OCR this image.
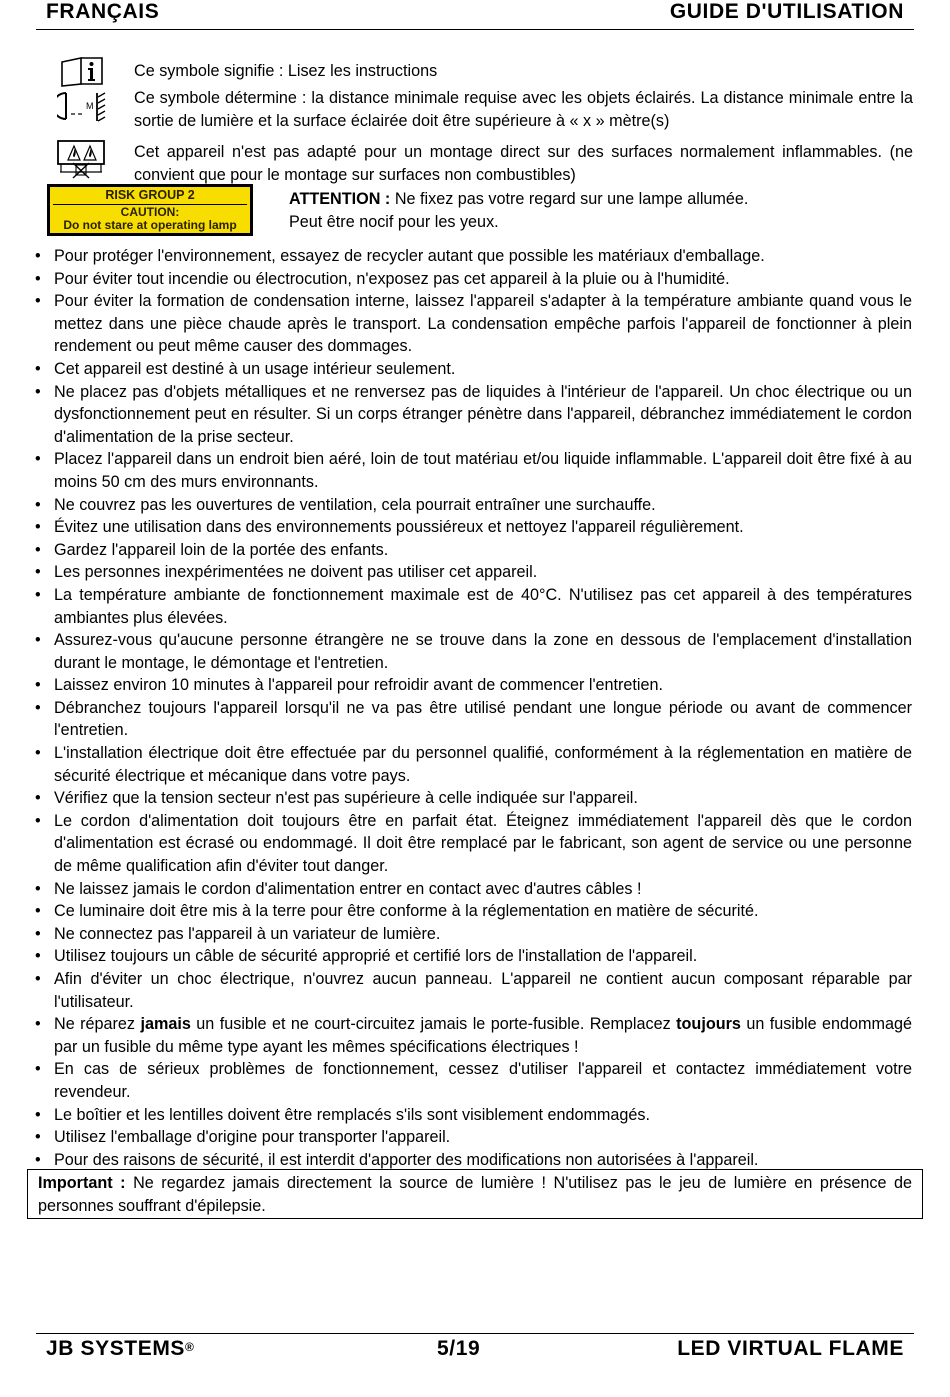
FRANÇAIS	GUIDE D'UTILISATION
Ce symbole signifie : Lisez les instructions
M	Ce symbole détermine : la distance minimale requise avec les objets éclairés. La distance minimale entre la sortie de lumière et la surface éclairée doit être supérieure à « x » mètre(s)
Cet appareil n'est pas adapté pour un montage direct sur des surfaces normalement inflammables. (ne convient que pour le montage sur surfaces non combustibles)
RISK GROUP 2
CAUTION:
Do not stare at operating lamp
ATTENTION : Ne fixez pas votre regard sur une lampe allumée.
Peut être nocif pour les yeux.
• Pour protéger l'environnement, essayez de recycler autant que possible les matériaux d'emballage.
• Pour éviter tout incendie ou électrocution, n'exposez pas cet appareil à la pluie ou à l'humidité.
• Pour éviter la formation de condensation interne, laissez l'appareil s'adapter à la température ambiante quand vous le mettez dans une pièce chaude après le transport. La condensation empêche parfois l'appareil de fonctionner à plein rendement ou peut même causer des dommages.
• Cet appareil est destiné à un usage intérieur seulement.
• Ne placez pas d'objets métalliques et ne renversez pas de liquides à l'intérieur de l'appareil. Un choc électrique ou un dysfonctionnement peut en résulter. Si un corps étranger pénètre dans l'appareil, débranchez immédiatement le cordon d'alimentation de la prise secteur.
• Placez l'appareil dans un endroit bien aéré, loin de tout matériau et/ou liquide inflammable. L'appareil doit être fixé à au moins 50 cm des murs environnants.
• Ne couvrez pas les ouvertures de ventilation, cela pourrait entraîner une surchauffe.
• Évitez une utilisation dans des environnements poussiéreux et nettoyez l'appareil régulièrement.
• Gardez l'appareil loin de la portée des enfants.
• Les personnes inexpérimentées ne doivent pas utiliser cet appareil.
• La température ambiante de fonctionnement maximale est de 40°C. N'utilisez pas cet appareil à des températures ambiantes plus élevées.
• Assurez-vous qu'aucune personne étrangère ne se trouve dans la zone en dessous de l'emplacement d'installation durant le montage, le démontage et l'entretien.
• Laissez environ 10 minutes à l'appareil pour refroidir avant de commencer l'entretien.
• Débranchez toujours l'appareil lorsqu'il ne va pas être utilisé pendant une longue période ou avant de commencer l'entretien.
• L'installation électrique doit être effectuée par du personnel qualifié, conformément à la réglementation en matière de sécurité électrique et mécanique dans votre pays.
• Vérifiez que la tension secteur n'est pas supérieure à celle indiquée sur l'appareil.
• Le cordon d'alimentation doit toujours être en parfait état. Éteignez immédiatement l'appareil dès que le cordon d'alimentation est écrasé ou endommagé. Il doit être remplacé par le fabricant, son agent de service ou une personne de même qualification afin d'éviter tout danger.
• Ne laissez jamais le cordon d'alimentation entrer en contact avec d'autres câbles !
• Ce luminaire doit être mis à la terre pour être conforme à la réglementation en matière de sécurité.
• Ne connectez pas l'appareil à un variateur de lumière.
• Utilisez toujours un câble de sécurité approprié et certifié lors de l'installation de l'appareil.
• Afin d'éviter un choc électrique, n'ouvrez aucun panneau. L'appareil ne contient aucun composant réparable par l'utilisateur.
• Ne réparez jamais un fusible et ne court-circuitez jamais le porte-fusible. Remplacez toujours un fusible endommagé par un fusible du même type ayant les mêmes spécifications électriques !
• En cas de sérieux problèmes de fonctionnement, cessez d'utiliser l'appareil et contactez immédiatement votre revendeur.
• Le boîtier et les lentilles doivent être remplacés s'ils sont visiblement endommagés.
• Utilisez l'emballage d'origine pour transporter l'appareil.
• Pour des raisons de sécurité, il est interdit d'apporter des modifications non autorisées à l'appareil.
Important : Ne regardez jamais directement la source de lumière ! N'utilisez pas le jeu de lumière en présence de personnes souffrant d'épilepsie.
JB SYSTEMS®	5/19	LED VIRTUAL FLAME
